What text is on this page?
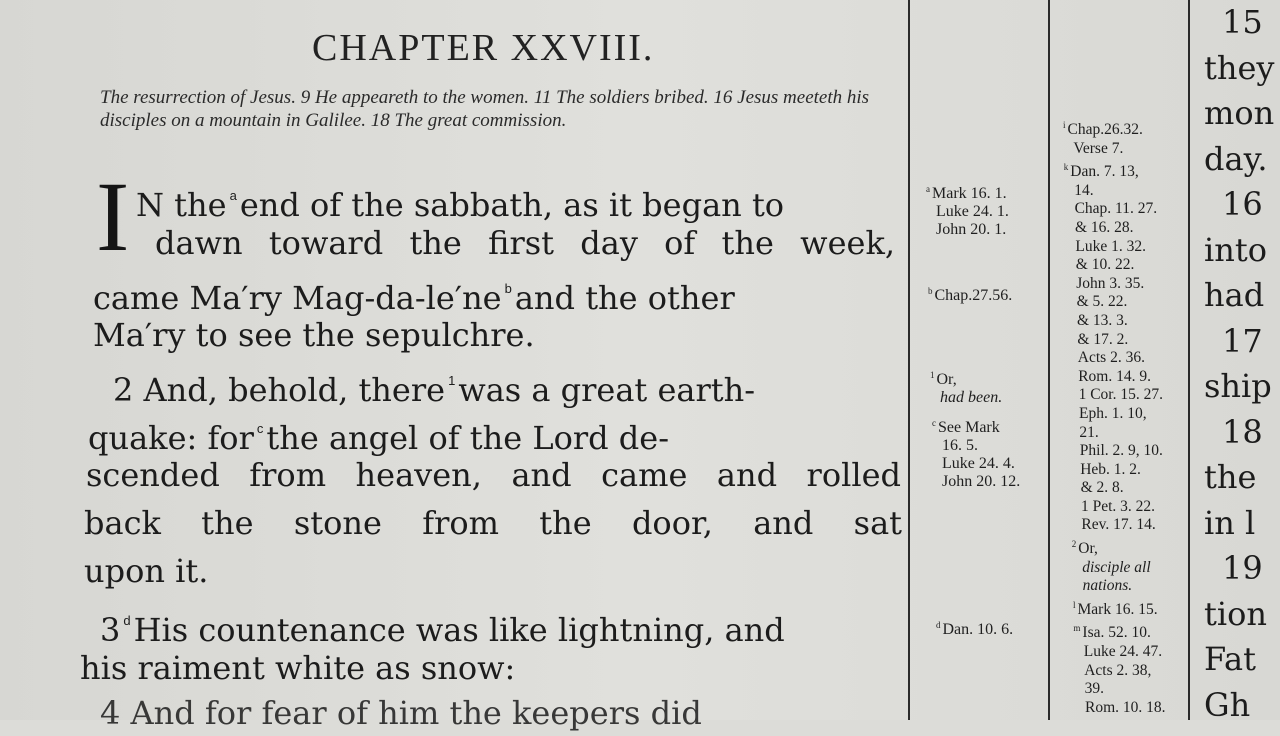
CHAPTER XXVIII.
The resurrection of Jesus. 9 He appeareth to the women. 11 The soldiers bribed. 16 Jesus meeteth his disciples on a mountain in Galilee. 18 The great commission.
I N the $^a$end of the sabbath, as it began to
dawn toward the first day of the week,
came Ma′ry Mag-da-le′ne $^b$and the other
Ma′ry to see the sepulchre.
2 And, behold, there $^1$was a great earth-
quake: for $^c$the angel of the Lord de-
scended from heaven, and came and rolled
back the stone from the door, and sat
upon it.
3 $^d$His countenance was like lightning, and
his raiment white as snow:
4 And for fear of him the keepers did
$^a$ Mark 16. 1.
Luke 24. 1.
John 20. 1.
$^b$ Chap.27.56.
$^1$ Or,
had been.
$^c$ See Mark
16. 5.
Luke 24. 4.
John 20. 12.
$^d$ Dan. 10. 6.
$^i$ Chap.26.32.
Verse 7.
$^k$ Dan. 7. 13,
14.
Chap. 11. 27.
& 16. 28.
Luke 1. 32.
& 10. 22.
John 3. 35.
& 5. 22.
& 13. 3.
& 17. 2.
Acts 2. 36.
Rom. 14. 9.
1 Cor. 15. 27.
Eph. 1. 10,
21.
Phil. 2. 9, 10.
Heb. 1. 2.
& 2. 8.
1 Pet. 3. 22.
Rev. 17. 14.
$^2$ Or,
disciple all
nations.
$^l$ Mark 16. 15.
$^m$ Isa. 52. 10.
Luke 24. 47.
Acts 2. 38,
39.
Rom. 10. 18.
15
they
mon
day.
16
into
had
17
ship
18
the
in l
19
tion
Fat
Gh
